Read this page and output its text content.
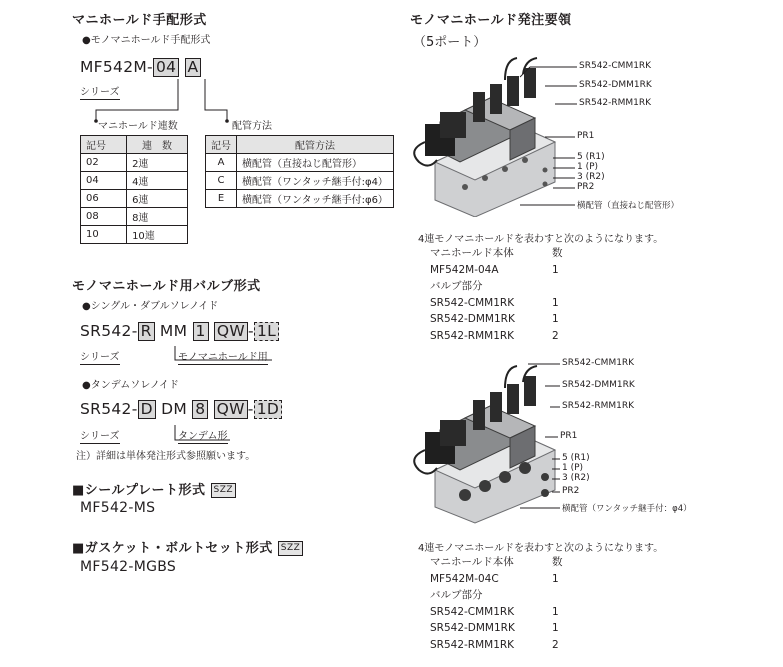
マニホールド手配形式
●モノマニホールド手配形式
MF542M- 04 A
シリーズ
マニホールド連数	配管方法
記号	連　数
02	2連
04	4連
06	6連
08	8連
10	10連
記号	配管方法
A	横配管（直接ねじ配管形）
C	横配管（ワンタッチ継手付:φ4）
E	横配管（ワンタッチ継手付:φ6）
モノマニホールド用バルブ形式
●シングル・ダブルソレノイド
SR542- R MM 1 QW - 1L
シリーズ	モノマニホールド用
●タンデムソレノイド
SR542- D DM 8 QW - 1D
シリーズ	タンデム形
注）詳細は単体発注形式参照願います。
■シールプレート形式 SZZ
MF542-MS
■ガスケット・ボルトセット形式 SZZ
MF542-MGBS
モノマニホールド発注要領
（5ポート）
SR542-CMM1RK
SR542-DMM1RK
SR542-RMM1RK
PR1
5 (R1)
1 (P)
3 (R2)
PR2
横配管（直接ねじ配管形）
4連モノマニホールドを表わすと次のようになります。
マニホールド本体	数
MF542M-04A	1
バルブ部分
SR542-CMM1RK	1
SR542-DMM1RK	1
SR542-RMM1RK	2
SR542-CMM1RK
SR542-DMM1RK
SR542-RMM1RK
PR1
5 (R1)
1 (P)
3 (R2)
PR2
横配管（ワンタッチ継手付：φ4）
4連モノマニホールドを表わすと次のようになります。
マニホールド本体	数
MF542M-04C	1
バルブ部分
SR542-CMM1RK	1
SR542-DMM1RK	1
SR542-RMM1RK	2
